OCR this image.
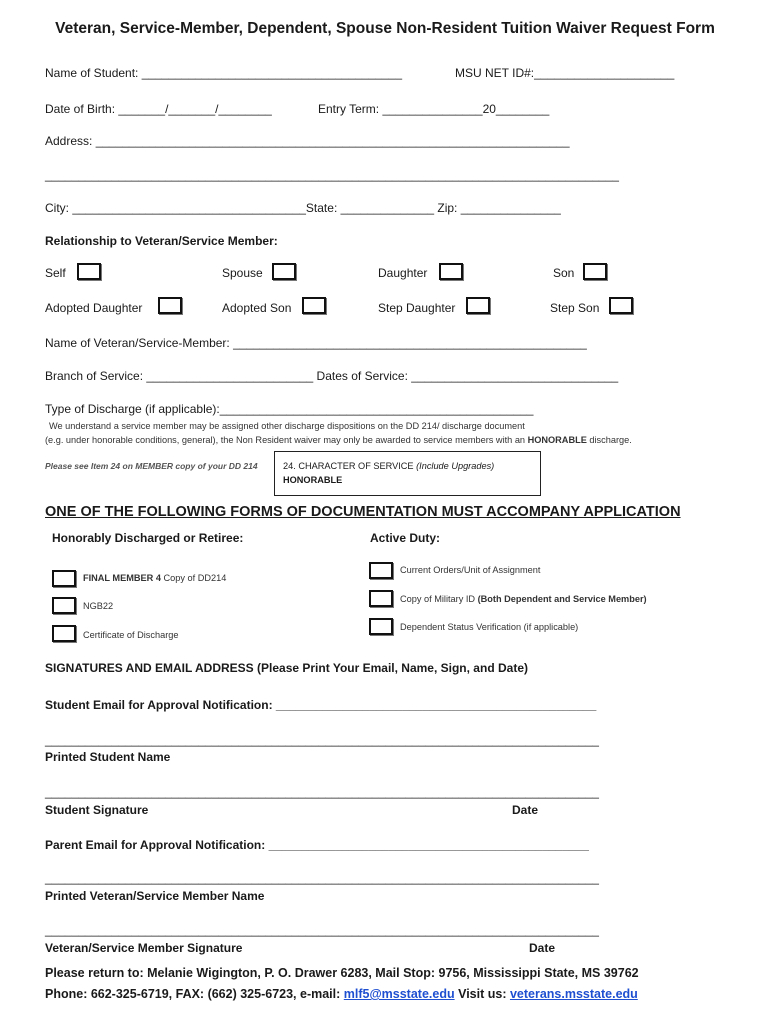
Veteran, Service-Member, Dependent, Spouse Non-Resident Tuition Waiver Request Form
Name of Student: _______________________________________	MSU NET ID#:_____________________
Date of Birth: _______/_______/________	Entry Term: _______________20________
Address: _______________________________________________________________________
______________________________________________________________________________________
City: ___________________________________State: ______________ Zip: _______________
Relationship to Veteran/Service Member:
Self	Spouse	Daughter	Son
Adopted Daughter	Adopted Son	Step Daughter	Step Son
Name of Veteran/Service-Member: _____________________________________________________
Branch of Service: _________________________ Dates of Service: _______________________________
Type of Discharge (if applicable):_______________________________________________
We understand a service member may be assigned other discharge dispositions on the DD 214/ discharge document
(e.g. under honorable conditions, general), the Non Resident waiver may only be awarded to service members with an HONORABLE discharge.
Please see Item 24 on MEMBER copy of your DD 214	24. CHARACTER OF SERVICE (Include Upgrades)
HONORABLE
ONE OF THE FOLLOWING FORMS OF DOCUMENTATION MUST ACCOMPANY APPLICATION
Honorably Discharged or Retiree:	Active Duty:
FINAL MEMBER 4 Copy of DD214
NGB22
Certificate of Discharge
Current Orders/Unit of Assignment
Copy of Military ID (Both Dependent and Service Member)
Dependent Status Verification (if applicable)
SIGNATURES AND EMAIL ADDRESS (Please Print Your Email, Name, Sign, and Date)
Student Email for Approval Notification: ________________________________________________
___________________________________________________________________________________
Printed Student Name
___________________________________________________________________________________
Student Signature	Date
Parent Email for Approval Notification: ________________________________________________
___________________________________________________________________________________
Printed Veteran/Service Member Name
___________________________________________________________________________________
Veteran/Service Member Signature	Date
Please return to: Melanie Wigington, P. O. Drawer 6283, Mail Stop: 9756, Mississippi State, MS 39762
Phone: 662-325-6719, FAX: (662) 325-6723, e-mail: mlf5@msstate.edu Visit us: veterans.msstate.edu
